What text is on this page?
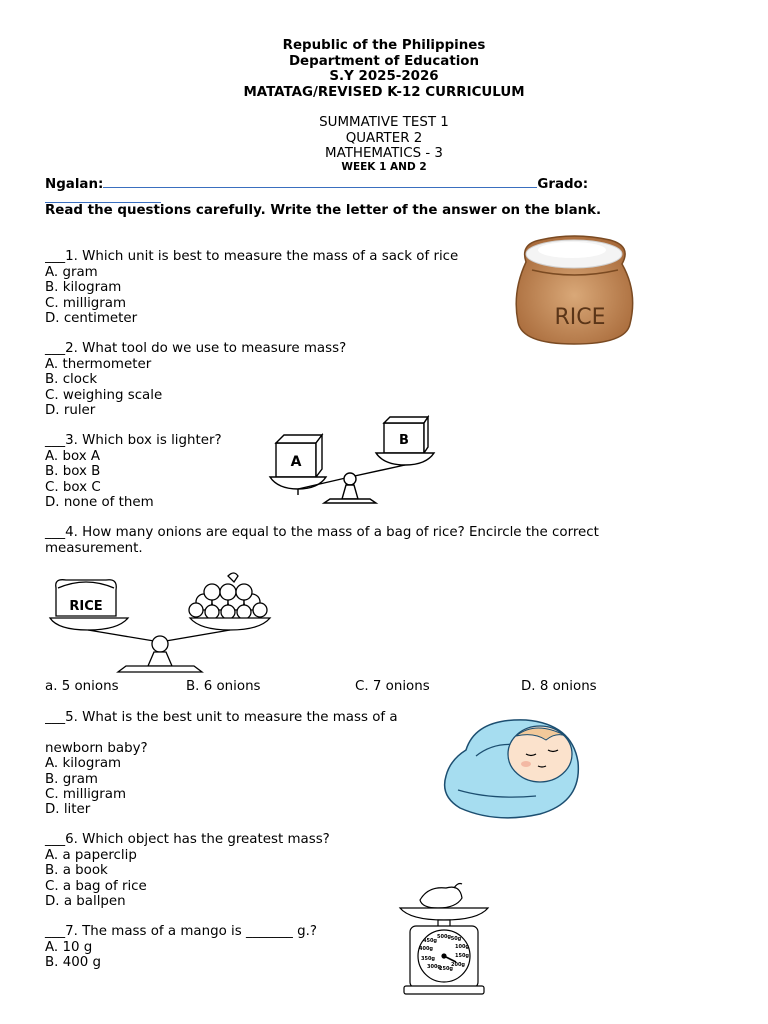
Republic of the Philippines
Department of Education
S.Y 2025-2026
MATATAG/REVISED K-12 CURRICULUM
SUMMATIVE TEST 1
QUARTER 2
MATHEMATICS - 3
WEEK 1 AND 2
Ngalan:	Grado:
Read the questions carefully. Write the letter of the answer on the blank.
___1. Which unit is best to measure the mass of a sack of rice
A. gram
B. kilogram
C. milligram
D. centimeter	RICE
___2. What tool do we use to measure mass?
A. thermometer
B. clock
C. weighing scale
D. ruler
___3. Which box is lighter?
A. box A
B. box B
C. box C
D. none of them
A
B
___4. How many onions are equal to the mass of a bag of rice? Encircle the correct
measurement.
RICE
a. 5 onions	B. 6 onions	C. 7 onions	D. 8 onions
___5. What is the best unit to measure the mass of a
newborn baby?
A. kilogram
B. gram
C. milligram
D. liter
___6. Which object has the greatest mass?
A. a paperclip
B. a book
C. a bag of rice
D. a ballpen
___7. The mass of a mango is _______ g.?
A. 10 g
B. 400 g
500g 50g
450g
100g
400g
150g
350g
200g
300g
250g
